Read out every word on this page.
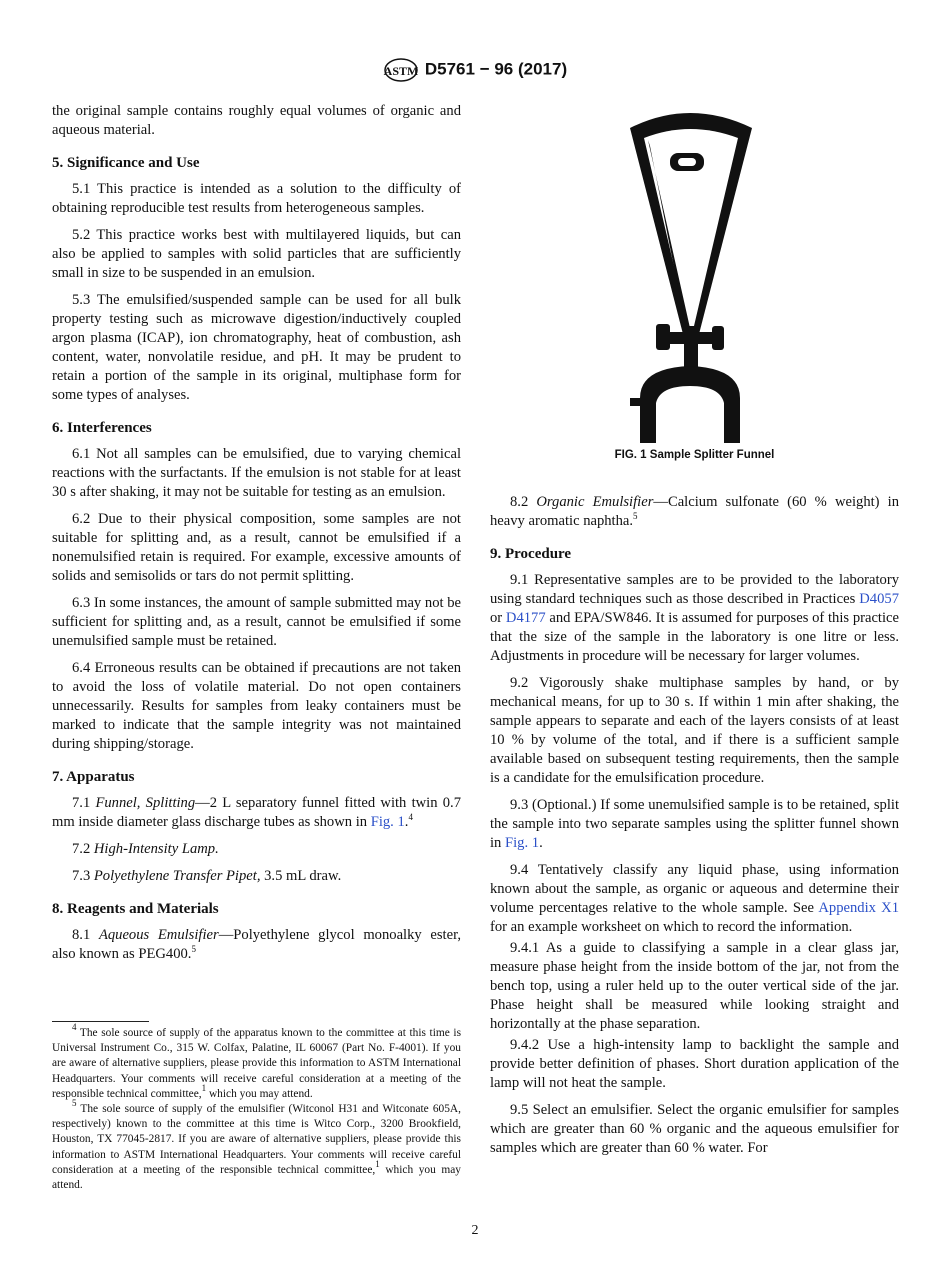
ASTM D5761 − 96 (2017)
the original sample contains roughly equal volumes of organic and aqueous material.
5. Significance and Use
5.1 This practice is intended as a solution to the difficulty of obtaining reproducible test results from heterogeneous samples.
5.2 This practice works best with multilayered liquids, but can also be applied to samples with solid particles that are sufficiently small in size to be suspended in an emulsion.
5.3 The emulsified/suspended sample can be used for all bulk property testing such as microwave digestion/inductively coupled argon plasma (ICAP), ion chromatography, heat of combustion, ash content, water, nonvolatile residue, and pH. It may be prudent to retain a portion of the sample in its original, multiphase form for some types of analyses.
6. Interferences
6.1 Not all samples can be emulsified, due to varying chemical reactions with the surfactants. If the emulsion is not stable for at least 30 s after shaking, it may not be suitable for testing as an emulsion.
6.2 Due to their physical composition, some samples are not suitable for splitting and, as a result, cannot be emulsified if a nonemulsified retain is required. For example, excessive amounts of solids and semisolids or tars do not permit splitting.
6.3 In some instances, the amount of sample submitted may not be sufficient for splitting and, as a result, cannot be emulsified if some unemulsified sample must be retained.
6.4 Erroneous results can be obtained if precautions are not taken to avoid the loss of volatile material. Do not open containers unnecessarily. Results for samples from leaky containers must be marked to indicate that the sample integrity was not maintained during shipping/storage.
7. Apparatus
7.1 Funnel, Splitting—2 L separatory funnel fitted with twin 0.7 mm inside diameter glass discharge tubes as shown in Fig. 1.$^4$
7.2 High-Intensity Lamp.
7.3 Polyethylene Transfer Pipet, 3.5 mL draw.
8. Reagents and Materials
8.1 Aqueous Emulsifier—Polyethylene glycol monoalky ester, also known as PEG400.$^5$
FIG. 1 Sample Splitter Funnel
8.2 Organic Emulsifier—Calcium sulfonate (60 % weight) in heavy aromatic naphtha.$^5$
9. Procedure
9.1 Representative samples are to be provided to the laboratory using standard techniques such as those described in Practices D4057 or D4177 and EPA/SW846. It is assumed for purposes of this practice that the size of the sample in the laboratory is one litre or less. Adjustments in procedure will be necessary for larger volumes.
9.2 Vigorously shake multiphase samples by hand, or by mechanical means, for up to 30 s. If within 1 min after shaking, the sample appears to separate and each of the layers consists of at least 10 % by volume of the total, and if there is a sufficient sample available based on subsequent testing requirements, then the sample is a candidate for the emulsification procedure.
9.3 (Optional.) If some unemulsified sample is to be retained, split the sample into two separate samples using the splitter funnel shown in Fig. 1.
9.4 Tentatively classify any liquid phase, using information known about the sample, as organic or aqueous and determine their volume percentages relative to the whole sample. See Appendix X1 for an example worksheet on which to record the information.
9.4.1 As a guide to classifying a sample in a clear glass jar, measure phase height from the inside bottom of the jar, not from the bench top, using a ruler held up to the outer vertical side of the jar. Phase height shall be measured while looking straight and horizontally at the phase separation.
9.4.2 Use a high-intensity lamp to backlight the sample and provide better definition of phases. Short duration application of the lamp will not heat the sample.
9.5 Select an emulsifier. Select the organic emulsifier for samples which are greater than 60 % organic and the aqueous emulsifier for samples which are greater than 60 % water. For

$^4$ The sole source of supply of the apparatus known to the committee at this time is Universal Instrument Co., 315 W. Colfax, Palatine, IL 60067 (Part No. F-4001). If you are aware of alternative suppliers, please provide this information to ASTM International Headquarters. Your comments will receive careful consideration at a meeting of the responsible technical committee,$^1$ which you may attend.

$^5$ The sole source of supply of the emulsifier (Witconol H31 and Witconate 605A, respectively) known to the committee at this time is Witco Corp., 3200 Brookfield, Houston, TX 77045-2817. If you are aware of alternative suppliers, please provide this information to ASTM International Headquarters. Your comments will receive careful consideration at a meeting of the responsible technical committee,$^1$ which you may attend.

2
